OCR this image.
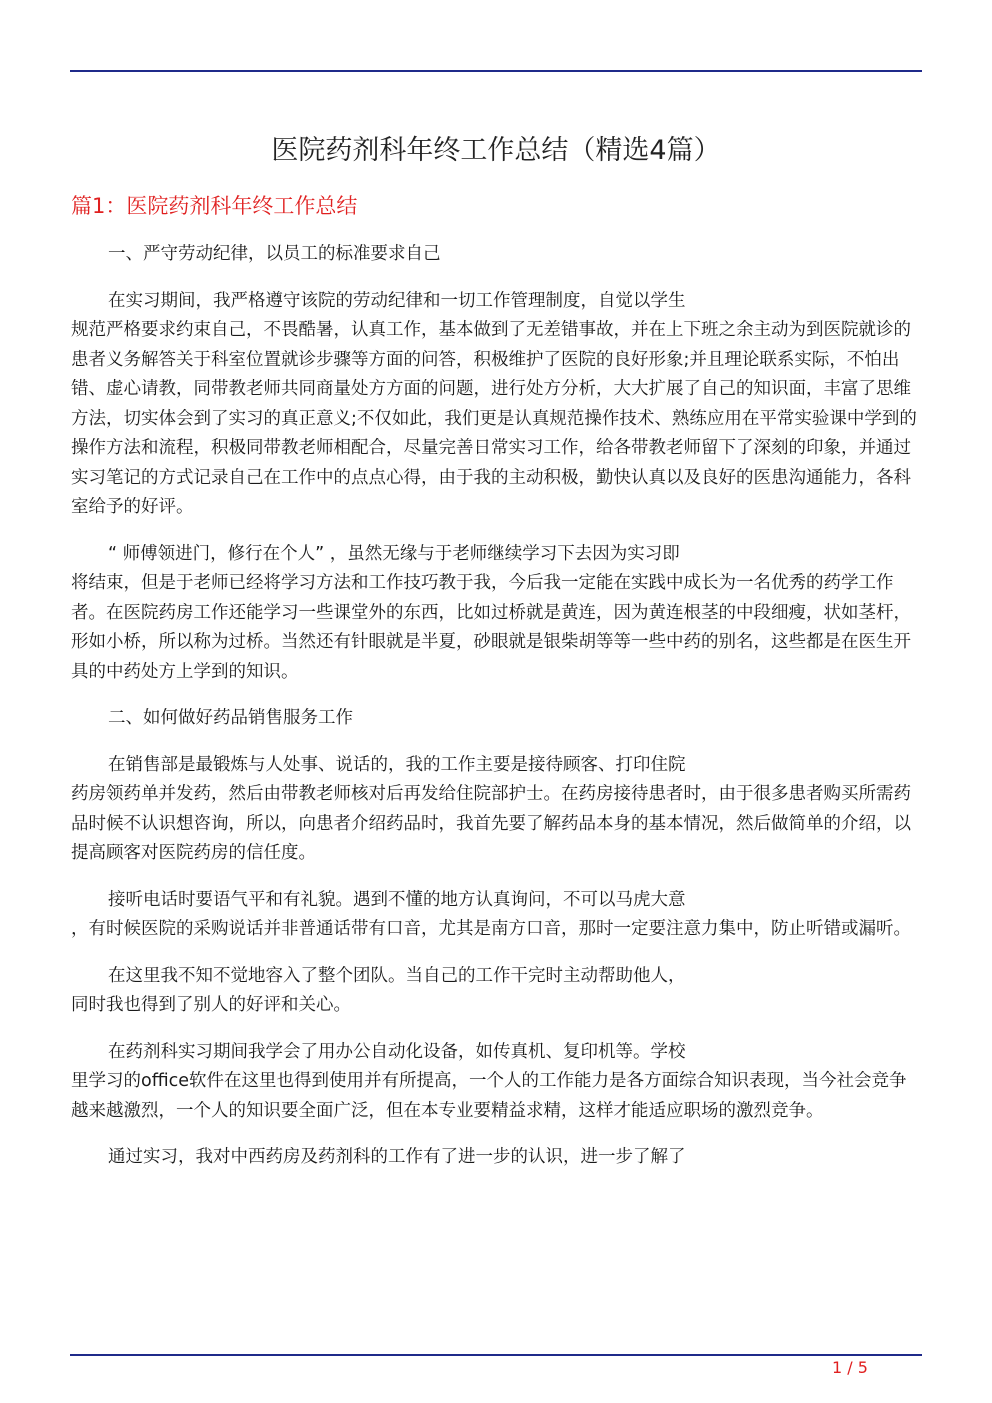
医院药剂科年终工作总结（精选4篇）
篇1：医院药剂科年终工作总结

一、严守劳动纪律，以员工的标准要求自己

在实习期间，我严格遵守该院的劳动纪律和一切工作管理制度，自觉以学生
规范严格要求约束自己，不畏酷暑，认真工作，基本做到了无差错事故，并在上下班之余主动为到医院就诊的患者义务解答关于科室位置就诊步骤等方面的问答，积极维护了医院的良好形象;并且理论联系实际，不怕出错、虚心请教，同带教老师共同商量处方方面的问题，进行处方分析，大大扩展了自己的知识面，丰富了思维方法，切实体会到了实习的真正意义;不仅如此，我们更是认真规范操作技术、熟练应用在平常实验课中学到的操作方法和流程，积极同带教老师相配合，尽量完善日常实习工作，给各带教老师留下了深刻的印象，并通过实习笔记的方式记录自己在工作中的点点心得，由于我的主动积极，勤快认真以及良好的医患沟通能力，各科室给予的好评。

“ 师傅领进门，修行在个人” ，虽然无缘与于老师继续学习下去因为实习即
将结束，但是于老师已经将学习方法和工作技巧教于我，今后我一定能在实践中成长为一名优秀的药学工作者。在医院药房工作还能学习一些课堂外的东西，比如过桥就是黄连，因为黄连根茎的中段细瘦，状如茎杆，形如小桥，所以称为过桥。当然还有针眼就是半夏，砂眼就是银柴胡等等一些中药的别名，这些都是在医生开具的中药处方上学到的知识。

二、如何做好药品销售服务工作

在销售部是最锻炼与人处事、说话的，我的工作主要是接待顾客、打印住院
药房领药单并发药，然后由带教老师核对后再发给住院部护士。在药房接待患者时，由于很多患者购买所需药品时候不认识想咨询，所以，向患者介绍药品时，我首先要了解药品本身的基本情况，然后做简单的介绍，以提高顾客对医院药房的信任度。

接听电话时要语气平和有礼貌。遇到不懂的地方认真询问，不可以马虎大意
，有时候医院的采购说话并非普通话带有口音，尤其是南方口音，那时一定要注意力集中，防止听错或漏听。

在这里我不知不觉地容入了整个团队。当自己的工作干完时主动帮助他人，
同时我也得到了别人的好评和关心。

在药剂科实习期间我学会了用办公自动化设备，如传真机、复印机等。学校
里学习的office软件在这里也得到使用并有所提高，一个人的工作能力是各方面综合知识表现，当今社会竞争越来越激烈，一个人的知识要全面广泛，但在本专业要精益求精，这样才能适应职场的激烈竞争。

通过实习，我对中西药房及药剂科的工作有了进一步的认识，进一步了解了

1 / 5
